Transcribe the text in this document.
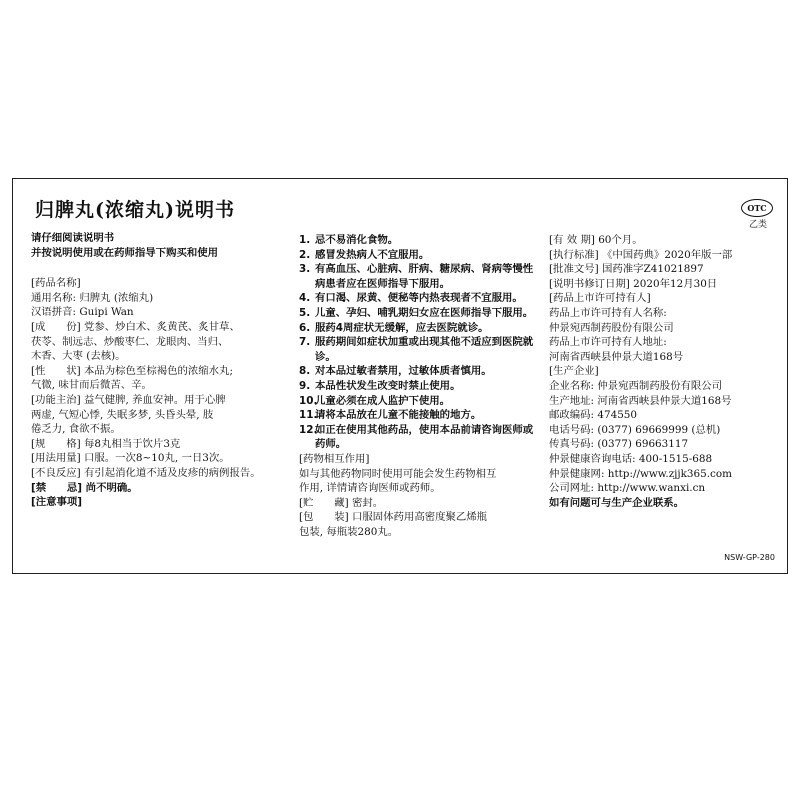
归脾丸(浓缩丸)说明书	OTC
乙类
请仔细阅读说明书
并按说明使用或在药师指导下购买和使用
[药品名称]
通用名称: 归脾丸 (浓缩丸)
汉语拼音: Guipi Wan
[成　　份] 党参、炒白术、炙黄芪、炙甘草、
茯苓、制远志、炒酸枣仁、龙眼肉、当归、
木香、大枣 (去核)。
[性　　状] 本品为棕色至棕褐色的浓缩水丸;
气微, 味甘而后微苦、辛。
[功能主治] 益气健脾, 养血安神。用于心脾
两虚, 气短心悸, 失眠多梦, 头昏头晕, 肢
倦乏力, 食欲不振。
[规　　格] 每8丸相当于饮片3克
[用法用量] 口服。一次8~10丸, 一日3次。
[不良反应] 有引起消化道不适及皮疹的病例报告。
[禁　　忌] 尚不明确。
[注意事项]
1. 忌不易消化食物。
2. 感冒发热病人不宜服用。
3. 有高血压、心脏病、肝病、糖尿病、肾病等慢性病患者应在医师指导下服用。
4. 有口渴、尿黄、便秘等内热表现者不宜服用。
5. 儿童、孕妇、哺乳期妇女应在医师指导下服用。
6. 服药4周症状无缓解，应去医院就诊。
7. 服药期间如症状加重或出现其他不适应到医院就诊。
8. 对本品过敏者禁用，过敏体质者慎用。
9. 本品性状发生改变时禁止使用。
10.
儿童必须在成人监护下使用。
11.
请将本品放在儿童不能接触的地方。
12.
如正在使用其他药品，使用本品前请咨询医师或药师。
[药物相互作用]
如与其他药物同时使用可能会发生药物相互
作用, 详情请咨询医师或药师。
[贮　　藏] 密封。
[包　　装] 口服固体药用高密度聚乙烯瓶
包装, 每瓶装280丸。
[有 效 期] 60个月。
[执行标准] 《中国药典》2020年版一部
[批准文号] 国药准字Z41021897
[说明书修订日期] 2020年12月30日
[药品上市许可持有人]
药品上市许可持有人名称:
仲景宛西制药股份有限公司
药品上市许可持有人地址:
河南省西峡县仲景大道168号
[生产企业]
企业名称: 仲景宛西制药股份有限公司
生产地址: 河南省西峡县仲景大道168号
邮政编码: 474550
电话号码: (0377) 69669999 (总机)
传真号码: (0377) 69663117
仲景健康咨询电话: 400-1515-688
仲景健康网: http://www.zjjk365.com
公司网址: http://www.wanxi.cn
如有问题可与生产企业联系。
NSW-GP-280
